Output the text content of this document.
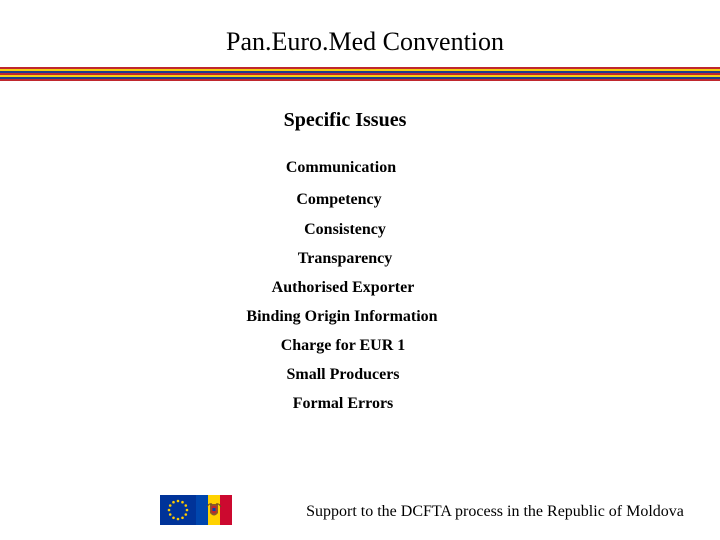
Pan.Euro.Med Convention
Specific Issues
Communication
Competency
Consistency
Transparency
Authorised Exporter
Binding Origin Information
Charge for EUR 1
Small Producers
Formal Errors
Support to the DCFTA process in the Republic of Moldova
